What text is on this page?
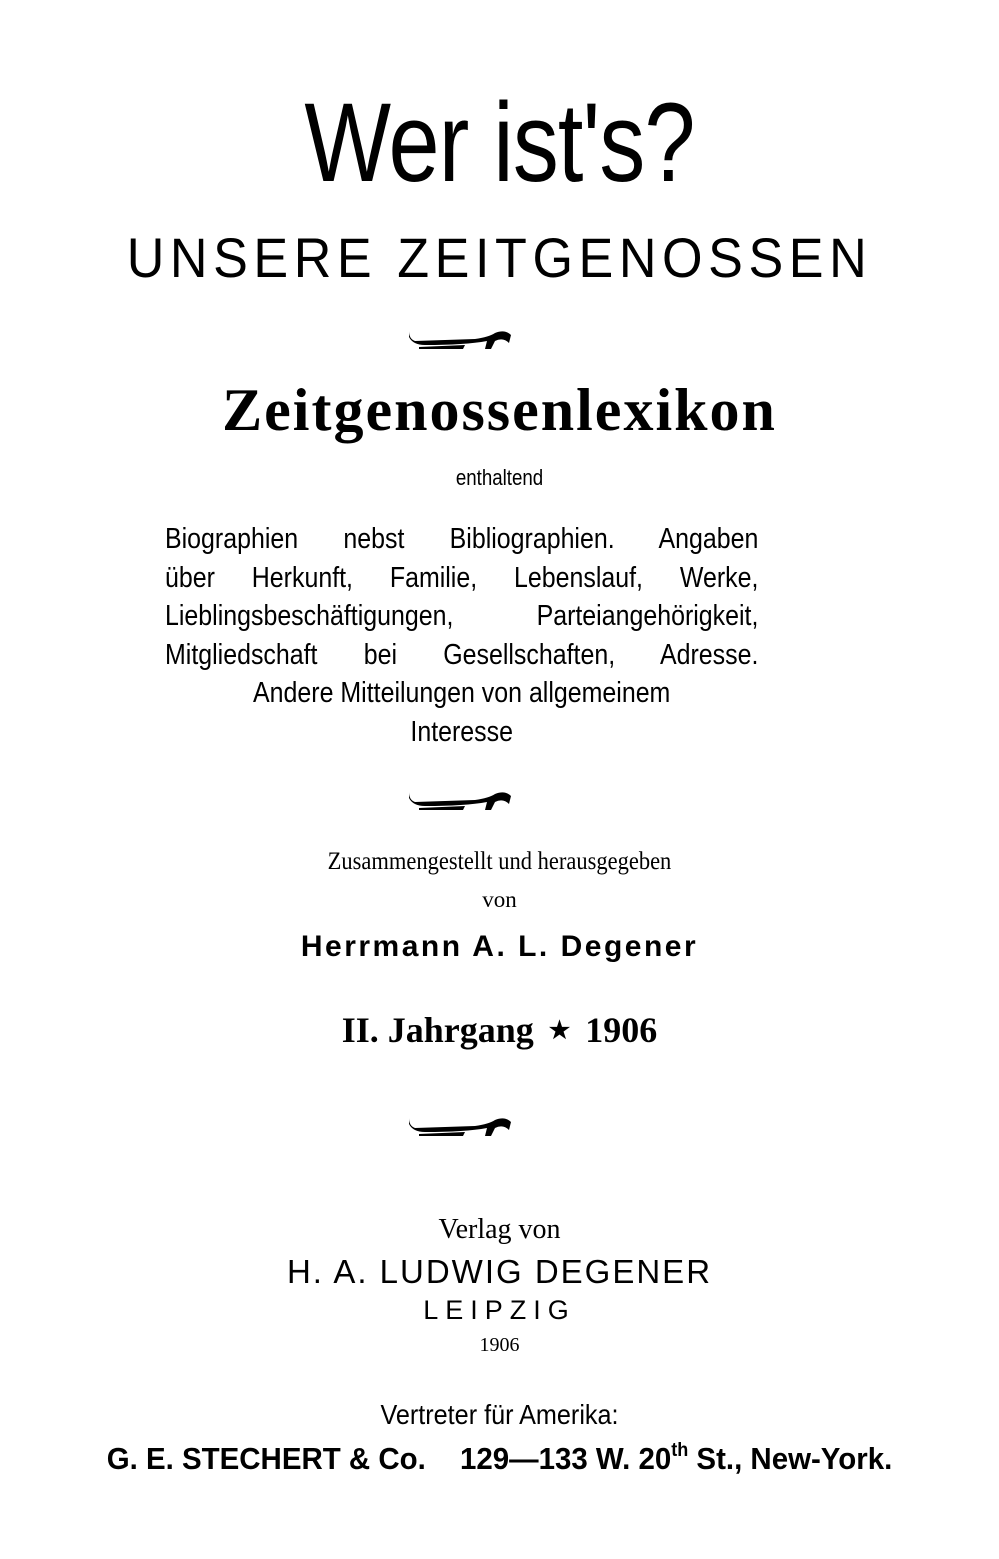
Wer ist's?
UNSERE ZEITGENOSSEN
Zeitgenossenlexikon
enthaltend
Biographien nebst Bibliographien. Angaben
über Herkunft, Familie, Lebenslauf, Werke,
Lieblingsbeschäftigungen, Parteiangehörigkeit,
Mitgliedschaft bei Gesellschaften, Adresse.
Andere Mitteilungen von allgemeinem
Interesse
Zusammengestellt und herausgegeben
von
Herrmann A. L. Degener
II. Jahrgang ★ 1906
Verlag von
H. A. LUDWIG DEGENER
LEIPZIG
1906
Vertreter für Amerika:
G. E. STECHERT & Co. 129—133 W. 20th St., New-York.
